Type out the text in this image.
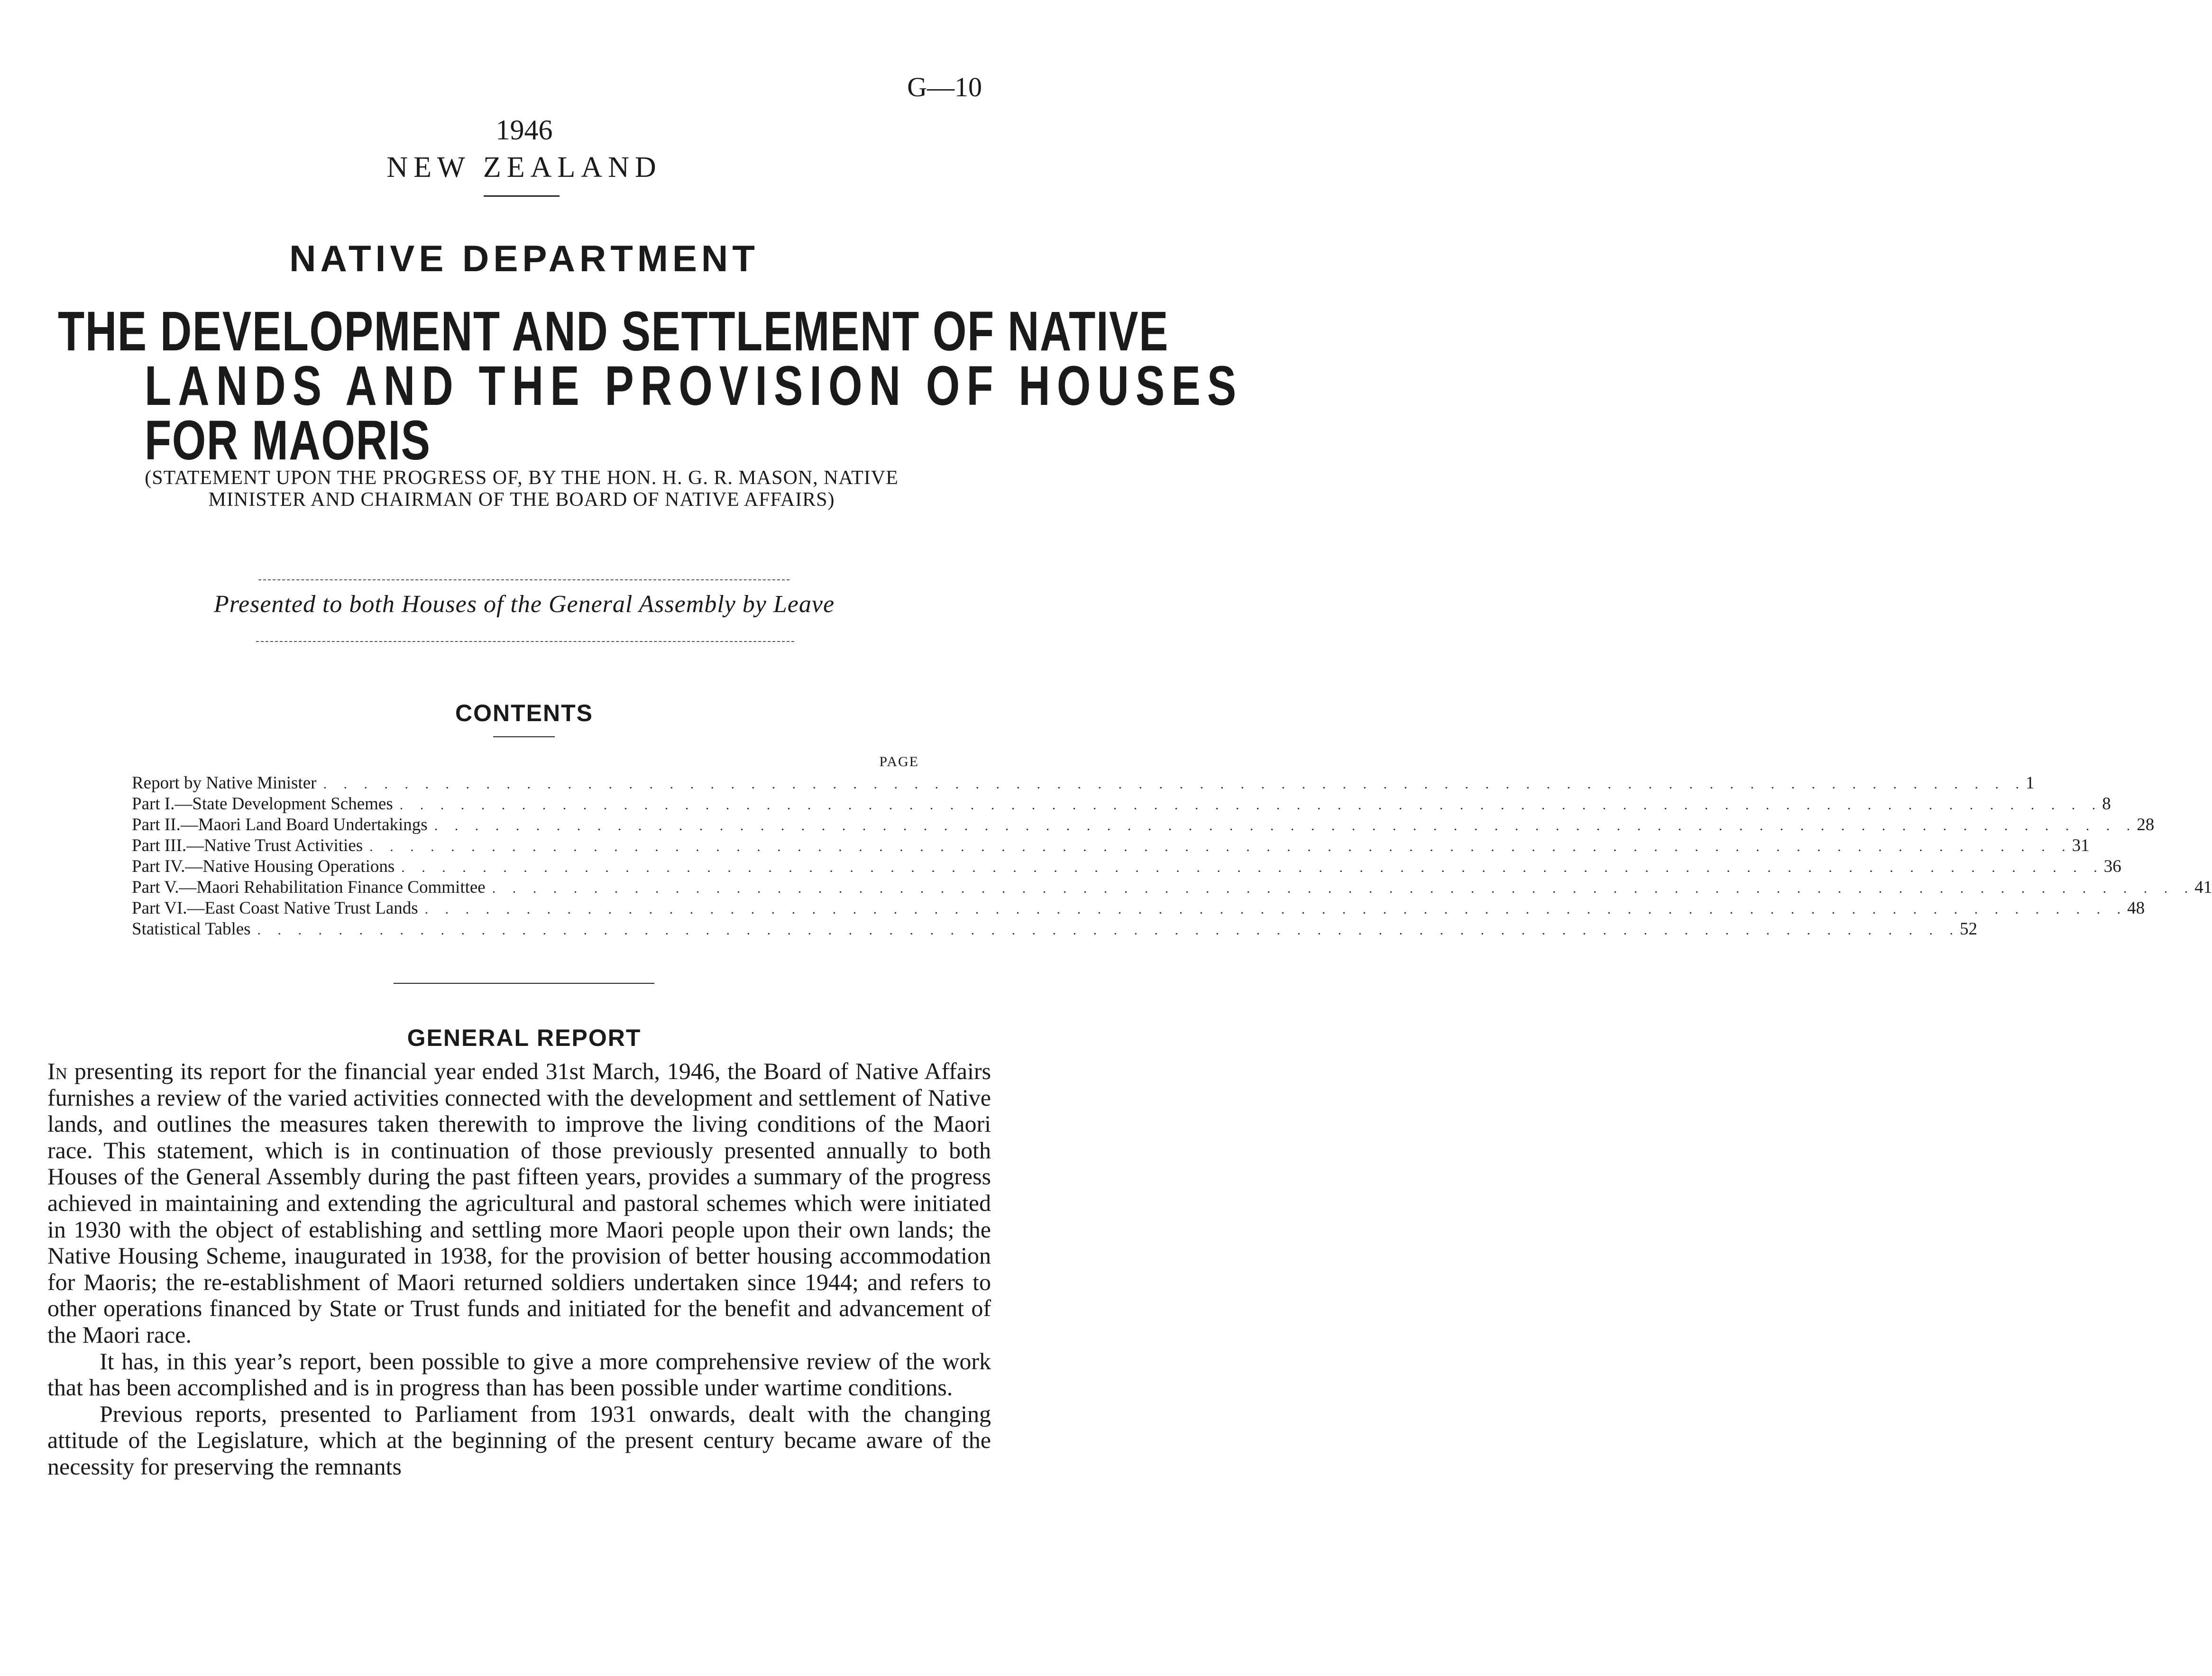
G—10
1946
NEW ZEALAND
NATIVE DEPARTMENT
THE DEVELOPMENT AND SETTLEMENT OF NATIVE
LANDS AND THE PROVISION OF HOUSES
FOR MAORIS
(STATEMENT UPON THE PROGRESS OF, BY THE HON. H. G. R. MASON, NATIVE
MINISTER AND CHAIRMAN OF THE BOARD OF NATIVE AFFAIRS)
Presented to both Houses of the General Assembly by Leave
CONTENTS
PAGE
Report by Native Minister . . .	1
Part I.—State Development Schemes . . .	8
Part II.—Maori Land Board Undertakings . . .	28
Part III.—Native Trust Activities . . .	31
Part IV.—Native Housing Operations . . .	36
Part V.—Maori Rehabilitation Finance Committee . . .	41
Part VI.—East Coast Native Trust Lands . . .	48
Statistical Tables . . .	52
GENERAL REPORT

In presenting its report for the financial year ended 31st March, 1946, the Board of Native Affairs furnishes a review of the varied activities connected with the development and settlement of Native lands, and outlines the measures taken therewith to improve the living conditions of the Maori race. This statement, which is in continuation of those previously presented annually to both Houses of the General Assembly during the past fifteen years, provides a summary of the progress achieved in maintaining and extending the agricultural and pastoral schemes which were initiated in 1930 with the object of establishing and settling more Maori people upon their own lands; the Native Housing Scheme, inaugurated in 1938, for the provision of better housing accommodation for Maoris; the re-establishment of Maori returned soldiers undertaken since 1944; and refers to other operations financed by State or Trust funds and initiated for the benefit and advancement of the Maori race.

It has, in this year’s report, been possible to give a more comprehensive review of the work that has been accomplished and is in progress than has been possible under wartime conditions.

Previous reports, presented to Parliament from 1931 onwards, dealt with the changing attitude of the Legislature, which at the beginning of the present century became aware of the necessity for preserving the remnants
